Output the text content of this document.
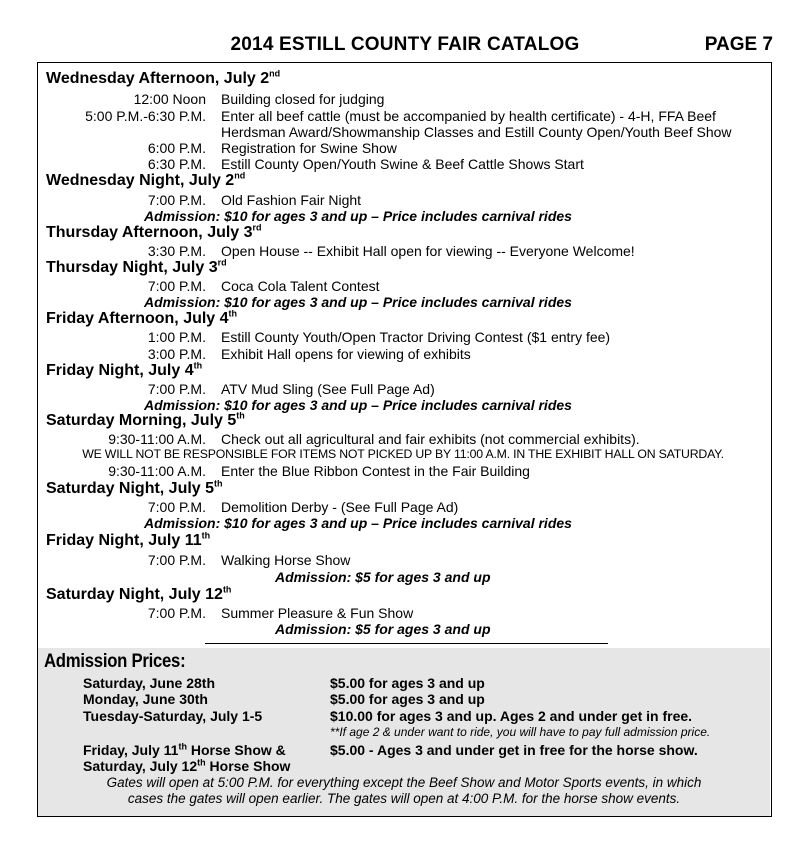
2014 ESTILL COUNTY FAIR CATALOG	PAGE 7
Wednesday Afternoon, July 2nd
12:00 Noon Building closed for judging
5:00 P.M.-6:30 P.M. Enter all beef cattle (must be accompanied by health certificate) - 4-H, FFA Beef
Herdsman Award/Showmanship Classes and Estill County Open/Youth Beef Show
6:00 P.M. Registration for Swine Show
6:30 P.M. Estill County Open/Youth Swine & Beef Cattle Shows Start
Wednesday Night, July 2nd
7:00 P.M. Old Fashion Fair Night
Admission: $10 for ages 3 and up – Price includes carnival rides
Thursday Afternoon, July 3rd
3:30 P.M. Open House -- Exhibit Hall open for viewing -- Everyone Welcome!
Thursday Night, July 3rd
7:00 P.M. Coca Cola Talent Contest
Admission: $10 for ages 3 and up – Price includes carnival rides
Friday Afternoon, July 4th
1:00 P.M. Estill County Youth/Open Tractor Driving Contest ($1 entry fee)
3:00 P.M. Exhibit Hall opens for viewing of exhibits
Friday Night, July 4th
7:00 P.M. ATV Mud Sling (See Full Page Ad)
Admission: $10 for ages 3 and up – Price includes carnival rides
Saturday Morning, July 5th
9:30-11:00 A.M. Check out all agricultural and fair exhibits (not commercial exhibits).
WE WILL NOT BE RESPONSIBLE FOR ITEMS NOT PICKED UP BY 11:00 A.M. IN THE EXHIBIT HALL ON SATURDAY.
9:30-11:00 A.M. Enter the Blue Ribbon Contest in the Fair Building
Saturday Night, July 5th
7:00 P.M. Demolition Derby - (See Full Page Ad)
Admission: $10 for ages 3 and up – Price includes carnival rides
Friday Night, July 11th
7:00 P.M. Walking Horse Show
Admission: $5 for ages 3 and up
Saturday Night, July 12th
7:00 P.M. Summer Pleasure & Fun Show
Admission: $5 for ages 3 and up
Admission Prices:
Saturday, June 28th	$5.00 for ages 3 and up
Monday, June 30th	$5.00 for ages 3 and up
Tuesday-Saturday, July 1-5	$10.00 for ages 3 and up. Ages 2 and under get in free.
**If age 2 & under want to ride, you will have to pay full admission price.
Friday, July 11th Horse Show &	$5.00 - Ages 3 and under get in free for the horse show.
Saturday, July 12th Horse Show
Gates will open at 5:00 P.M. for everything except the Beef Show and Motor Sports events, in which
cases the gates will open earlier. The gates will open at 4:00 P.M. for the horse show events.
